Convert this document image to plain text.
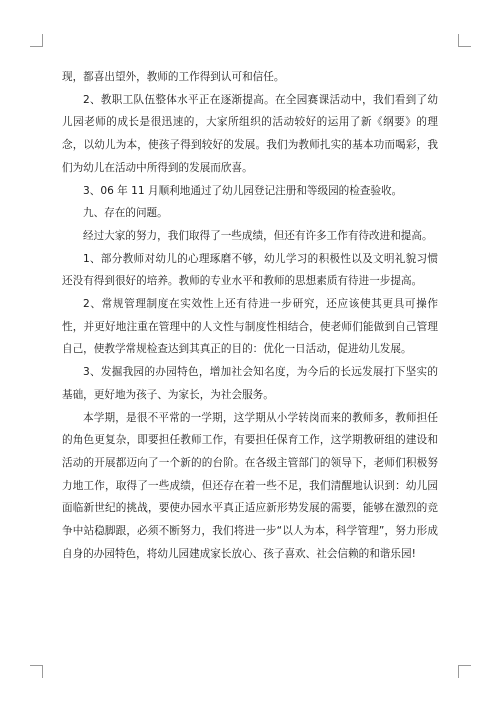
现，都喜出望外，教师的工作得到认可和信任。

2、教职工队伍整体水平正在逐渐提高。在全园赛课活动中，我们看到了幼儿园老师的成长是很迅速的，大家所组织的活动较好的运用了新《纲要》的理念，以幼儿为本，使孩子得到较好的发展。我们为教师扎实的基本功而喝彩，我们为幼儿在活动中所得到的发展而欣喜。

3、06 年 11 月顺利地通过了幼儿园登记注册和等级园的检查验收。

九、存在的问题。

经过大家的努力，我们取得了一些成绩，但还有许多工作有待改进和提高。

1、部分教师对幼儿的心理琢磨不够，幼儿学习的积极性以及文明礼貌习惯还没有得到很好的培养。教师的专业水平和教师的思想素质有待进一步提高。

2、常规管理制度在实效性上还有待进一步研究，还应该使其更具可操作性，并更好地注重在管理中的人文性与制度性相结合，使老师们能做到自己管理自己，使教学常规检查达到其真正的目的：优化一日活动，促进幼儿发展。

3、发掘我园的办园特色，增加社会知名度，为今后的长远发展打下坚实的基础，更好地为孩子、为家长，为社会服务。

本学期，是很不平常的一学期，这学期从小学转岗而来的教师多，教师担任的角色更复杂，即要担任教师工作，有要担任保育工作，这学期教研组的建设和活动的开展都迈向了一个新的的台阶。在各级主管部门的领导下，老师们积极努力地工作，取得了一些成绩，但还存在着一些不足，我们清醒地认识到：幼儿园面临新世纪的挑战，要使办园水平真正适应新形势发展的需要，能够在激烈的竞争中站稳脚跟，必须不断努力，我们将进一步“以人为本，科学管理”，努力形成自身的办园特色，将幼儿园建成家长放心、孩子喜欢、社会信赖的和谐乐园!
